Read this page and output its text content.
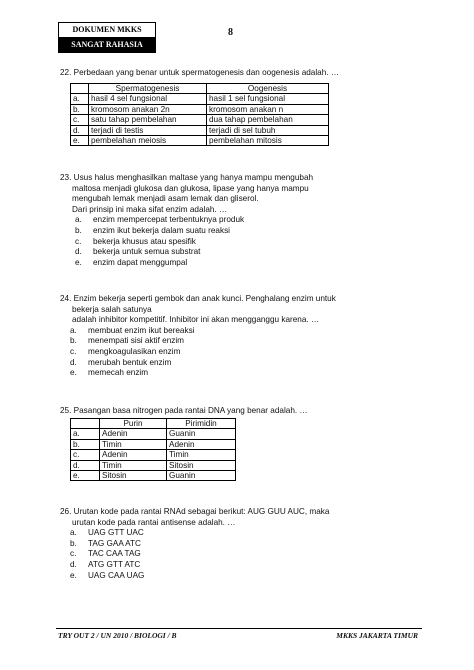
DOKUMEN MKKS
SANGAT RAHASIA
8
22. Perbedaan yang benar untuk spermatogenesis dan oogenesis adalah. …
	Spermatogenesis	Oogenesis
a.	hasil 4 sel fungsional	hasil 1 sel fungsional
b.	kromosom anakan 2n	kromosom anakan n
c.	satu tahap pembelahan	dua tahap pembelahan
d.	terjadi di testis	terjadi di sel tubuh
e.	pembelahan meiosis	pembelahan mitosis
23. Usus halus menghasilkan maltase yang hanya mampu mengubah
maltosa menjadi glukosa dan glukosa, lipase yang hanya mampu
mengubah lemak menjadi asam lemak dan gliserol.
Dari prinsip ini maka sifat enzim adalah. …
a.	enzim mempercepat terbentuknya produk
b.	enzim ikut bekerja dalam suatu reaksi
c.	bekerja khusus atau spesifik
d.	bekerja untuk semua substrat
e.	enzim dapat menggumpal
24. Enzim bekerja seperti gembok dan anak kunci. Penghalang enzim untuk
bekerja salah satunya
adalah inhibitor kompetitif. Inhibitor ini akan mengganggu karena. …
a.	membuat enzim ikut bereaksi
b.	menempati sisi aktif enzim
c.	mengkoagulasikan enzim
d.	merubah bentuk enzim
e.	memecah enzim
25. Pasangan basa nitrogen pada rantai DNA yang benar adalah. …
	Purin	Pirimidin
a.	Adenin	Guanin
b.	Timin	Adenin
c.	Adenin	Timin
d.	Timin	Sitosin
e.	Sitosin	Guanin
26. Urutan kode pada rantai RNAd sebagai berikut: AUG GUU AUC, maka
urutan kode pada rantai antisense adalah. …
a.	UAG GTT UAC
b.	TAG GAA ATC
c.	TAC CAA TAG
d.	ATG GTT ATC
e.	UAG CAA UAG
TRY OUT 2 / UN 2010 / BIOLOGI / B	MKKS JAKARTA TIMUR
